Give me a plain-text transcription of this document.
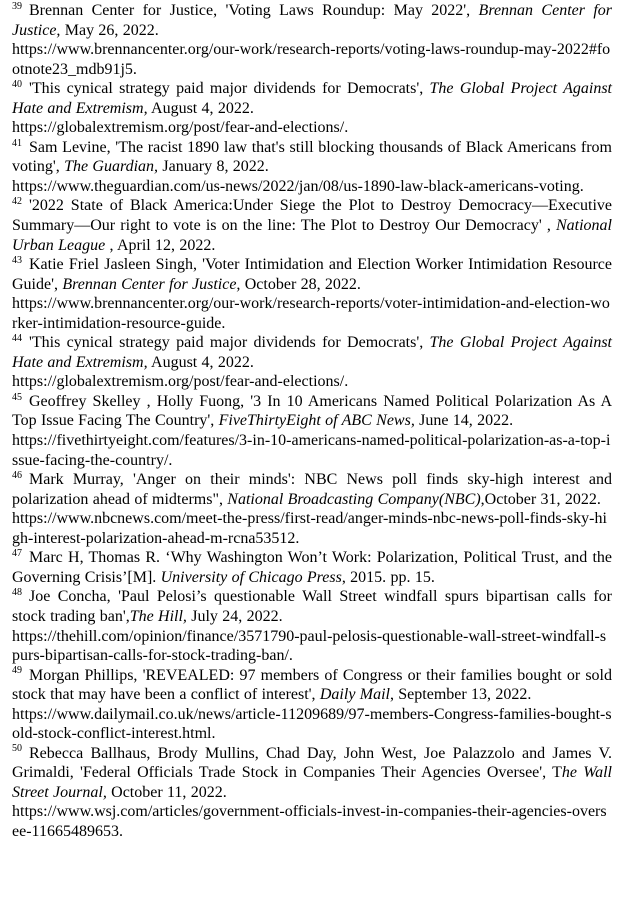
$^{39}$ Brennan Center for Justice, 'Voting Laws Roundup: May 2022', Brennan Center for Justice, May 26, 2022.
https://www.brennancenter.org/our-work/research-reports/voting-laws-roundup-may-2022#footnote23_mdb91j5.
$^{40}$ 'This cynical strategy paid major dividends for Democrats', The Global Project Against Hate and Extremism, August 4, 2022.
https://globalextremism.org/post/fear-and-elections/.
$^{41}$ Sam Levine, 'The racist 1890 law that's still blocking thousands of Black Americans from voting', The Guardian, January 8, 2022.
https://www.theguardian.com/us-news/2022/jan/08/us-1890-law-black-americans-voting.
$^{42}$ '2022 State of Black America:Under Siege the Plot to Destroy Democracy—Executive Summary—Our right to vote is on the line: The Plot to Destroy Our Democracy' , National Urban League , April 12, 2022.
$^{43}$ Katie Friel Jasleen Singh, 'Voter Intimidation and Election Worker Intimidation Resource Guide', Brennan Center for Justice, October 28, 2022.
https://www.brennancenter.org/our-work/research-reports/voter-intimidation-and-election-worker-intimidation-resource-guide.
$^{44}$ 'This cynical strategy paid major dividends for Democrats', The Global Project Against Hate and Extremism, August 4, 2022.
https://globalextremism.org/post/fear-and-elections/.
$^{45}$ Geoffrey Skelley , Holly Fuong, '3 In 10 Americans Named Political Polarization As A Top Issue Facing The Country', FiveThirtyEight of ABC News, June 14, 2022.
https://fivethirtyeight.com/features/3-in-10-americans-named-political-polarization-as-a-top-issue-facing-the-country/.
$^{46}$ Mark Murray, 'Anger on their minds': NBC News poll finds sky-high interest and polarization ahead of midterms", National Broadcasting Company(NBC),October 31, 2022.
https://www.nbcnews.com/meet-the-press/first-read/anger-minds-nbc-news-poll-finds-sky-high-interest-polarization-ahead-m-rcna53512.
$^{47}$ Marc H, Thomas R. ‘Why Washington Won’t Work: Polarization, Political Trust, and the Governing Crisis’[M]. University of Chicago Press, 2015. pp. 15.
$^{48}$ Joe Concha, 'Paul Pelosi’s questionable Wall Street windfall spurs bipartisan calls for stock trading ban',The Hill, July 24, 2022.
https://thehill.com/opinion/finance/3571790-paul-pelosis-questionable-wall-street-windfall-spurs-bipartisan-calls-for-stock-trading-ban/.
$^{49}$ Morgan Phillips, 'REVEALED: 97 members of Congress or their families bought or sold stock that may have been a conflict of interest', Daily Mail, September 13, 2022.
https://www.dailymail.co.uk/news/article-11209689/97-members-Congress-families-bought-sold-stock-conflict-interest.html.
$^{50}$ Rebecca Ballhaus, Brody Mullins, Chad Day, John West, Joe Palazzolo and James V. Grimaldi, 'Federal Officials Trade Stock in Companies Their Agencies Oversee', The Wall Street Journal, October 11, 2022.
https://www.wsj.com/articles/government-officials-invest-in-companies-their-agencies-oversee-11665489653.
